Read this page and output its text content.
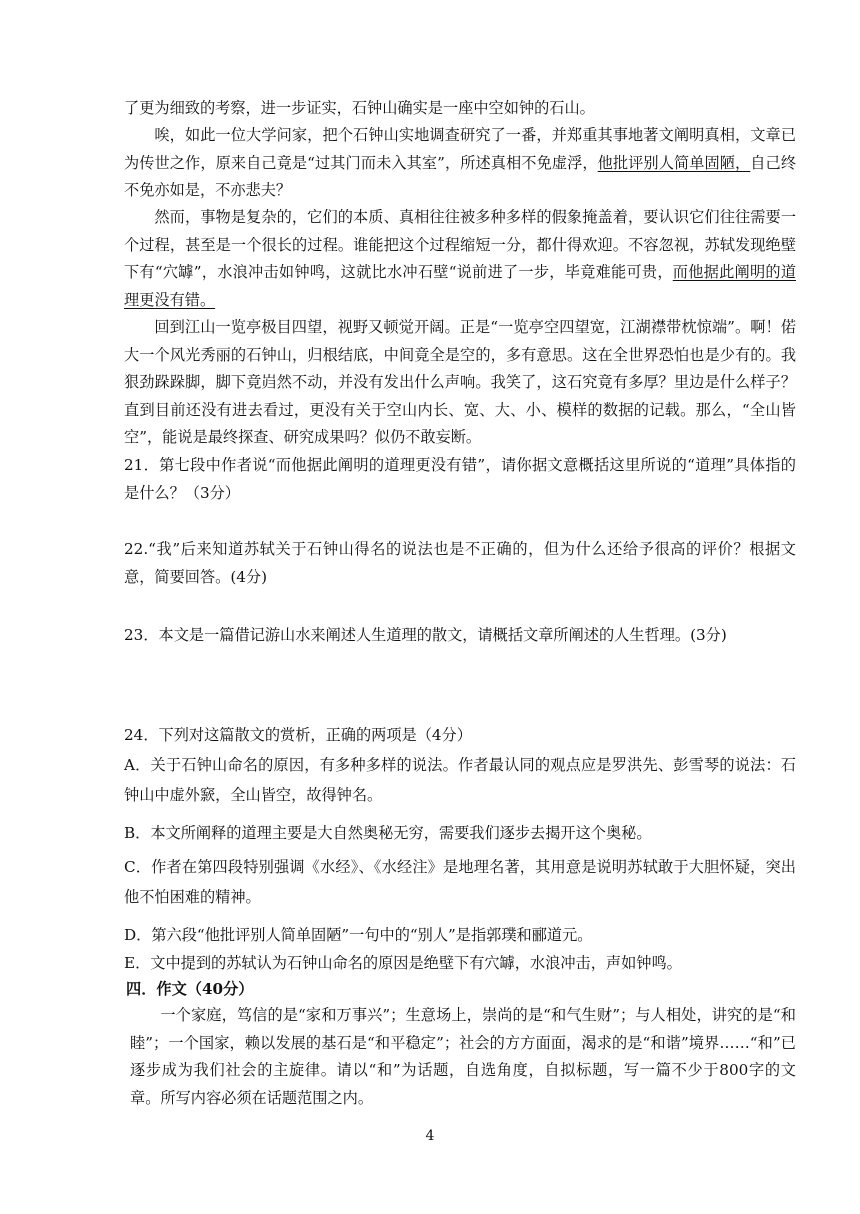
了更为细致的考察，进一步证实，石钟山确实是一座中空如钟的石山。

唉，如此一位大学问家，把个石钟山实地调查研究了一番，并郑重其事地著文阐明真相，文章已为传世之作，原来自己竟是“过其门而未入其室”，所述真相不免虚浮，他批评别人简单固陋，自己终不免亦如是，不亦悲夫？

然而，事物是复杂的，它们的本质、真相往往被多种多样的假象掩盖着，要认识它们往往需要一个过程，甚至是一个很长的过程。谁能把这个过程缩短一分，都什得欢迎。不容忽视，苏轼发现绝壁下有“穴罅”，水浪冲击如钟鸣，这就比水冲石壁“说前进了一步，毕竟难能可贵，而他据此阐明的道理更没有错。

回到江山一览亭极目四望，视野又顿觉开阔。正是“一览亭空四望宽，江湖襟带枕惊端”。啊！偌大一个风光秀丽的石钟山，归根结底，中间竟全是空的，多有意思。这在全世界恐怕也是少有的。我狠劲跺跺脚，脚下竟岿然不动，并没有发出什么声响。我笑了，这石究竟有多厚？里边是什么样子？直到目前还没有进去看过，更没有关于空山内长、宽、大、小、模样的数据的记载。那么，“全山皆空”，能说是最终探查、研究成果吗？似仍不敢妄断。

21．第七段中作者说“而他据此阐明的道理更没有错”，请你据文意概括这里所说的“道理”具体指的是什么？（3分）

22.“我”后来知道苏轼关于石钟山得名的说法也是不正确的，但为什么还给予很高的评价？根据文意，简要回答。(4分)

23．本文是一篇借记游山水来阐述人生道理的散文，请概括文章所阐述的人生哲理。(3分)

24．下列对这篇散文的赏析，正确的两项是（4分）

A．关于石钟山命名的原因，有多种多样的说法。作者最认同的观点应是罗洪先、彭雪琴的说法：石钟山中虚外窾，全山皆空，故得钟名。

B．本文所阐释的道理主要是大自然奥秘无穷，需要我们逐步去揭开这个奥秘。

C．作者在第四段特别强调《水经》、《水经注》是地理名著，其用意是说明苏轼敢于大胆怀疑，突出他不怕困难的精神。

D．第六段“他批评别人简单固陋”一句中的“别人”是指郭璞和郦道元。

E．文中提到的苏轼认为石钟山命名的原因是绝壁下有穴罅，水浪冲击，声如钟鸣。

四．作文（40分）

一个家庭，笃信的是“家和万事兴”；生意场上，崇尚的是“和气生财”；与人相处，讲究的是“和睦”；一个国家，赖以发展的基石是“和平稳定”；社会的方方面面，渴求的是“和谐”境界……“和”已逐步成为我们社会的主旋律。请以“和”为话题，自选角度，自拟标题，写一篇不少于800字的文章。所写内容必须在话题范围之内。

4
